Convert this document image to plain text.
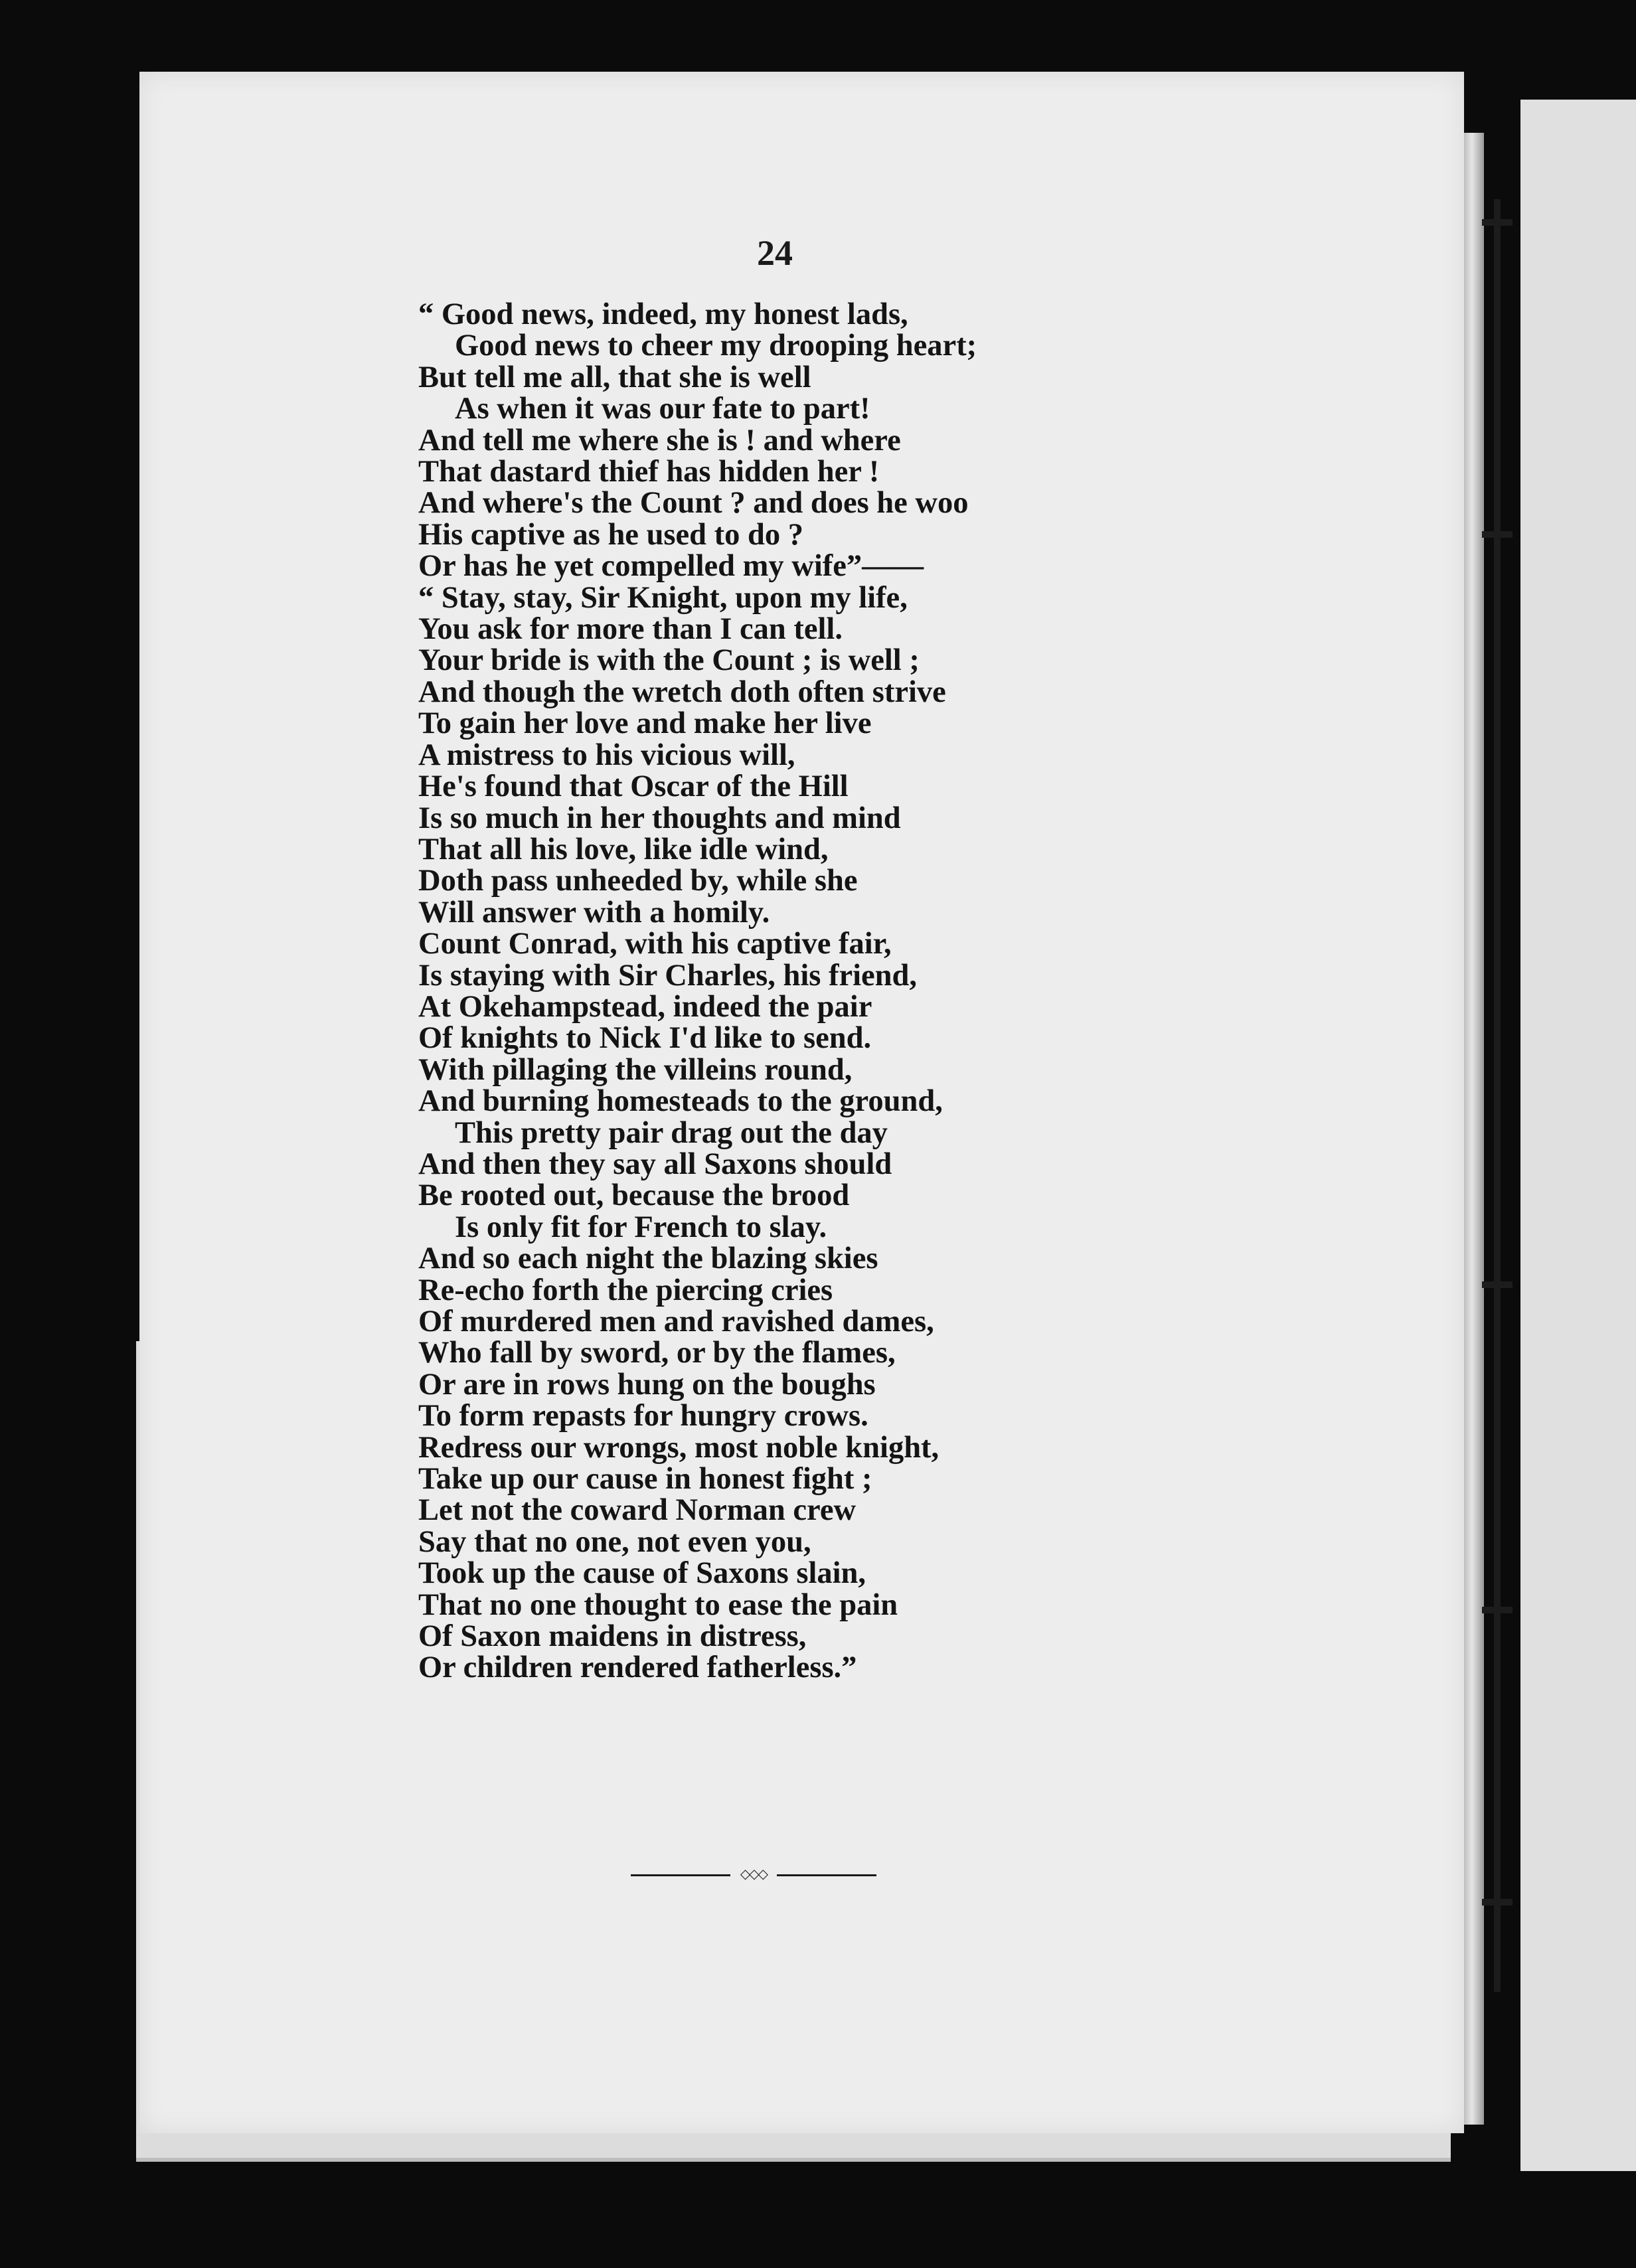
24
“ Good news, indeed, my honest lads,
Good news to cheer my drooping heart;
But tell me all, that she is well
As when it was our fate to part!
And tell me where she is ! and where
That dastard thief has hidden her !
And where's the Count ? and does he woo
His captive as he used to do ?
Or has he yet compelled my wife”——
“ Stay, stay, Sir Knight, upon my life,
You ask for more than I can tell.
Your bride is with the Count ; is well ;
And though the wretch doth often strive
To gain her love and make her live
A mistress to his vicious will,
He's found that Oscar of the Hill
Is so much in her thoughts and mind
That all his love, like idle wind,
Doth pass unheeded by, while she
Will answer with a homily.
Count Conrad, with his captive fair,
Is staying with Sir Charles, his friend,
At Okehampstead, indeed the pair
Of knights to Nick I'd like to send.
With pillaging the villeins round,
And burning homesteads to the ground,
This pretty pair drag out the day
And then they say all Saxons should
Be rooted out, because the brood
Is only fit for French to slay.
And so each night the blazing skies
Re-echo forth the piercing cries
Of murdered men and ravished dames,
Who fall by sword, or by the flames,
Or are in rows hung on the boughs
To form repasts for hungry crows.
Redress our wrongs, most noble knight,
Take up our cause in honest fight ;
Let not the coward Norman crew
Say that no one, not even you,
Took up the cause of Saxons slain,
That no one thought to ease the pain
Of Saxon maidens in distress,
Or children rendered fatherless.”
◇◇◇
